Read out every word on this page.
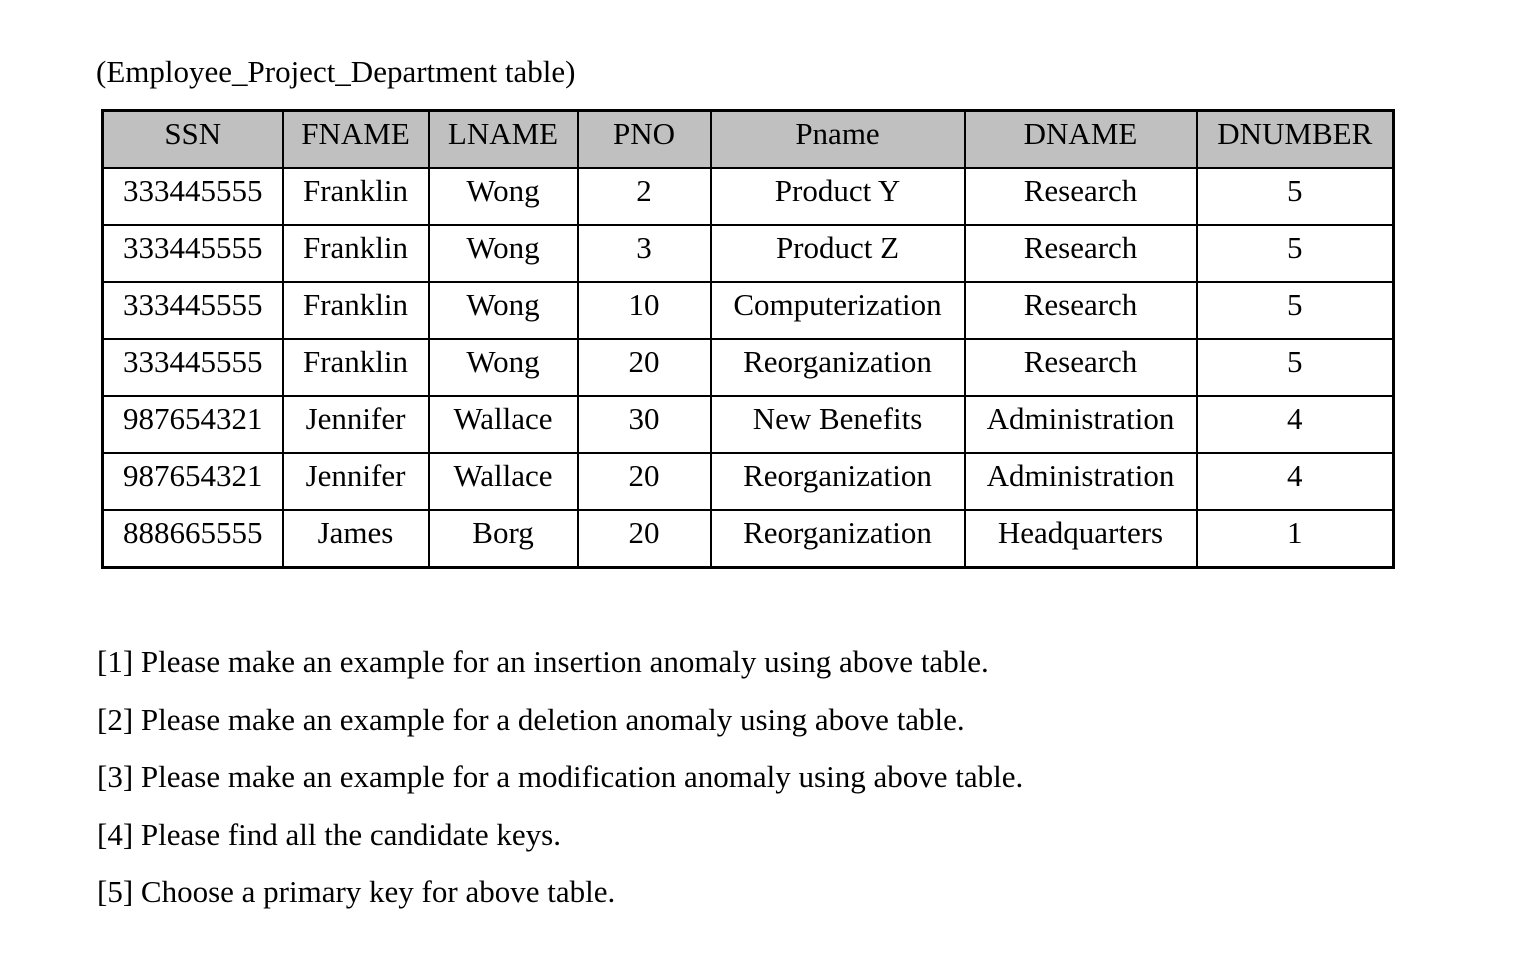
(Employee_Project_Department table)
SSN	FNAME	LNAME	PNO	Pname	DNAME	DNUMBER
333445555	Franklin	Wong	2	Product Y	Research	5
333445555	Franklin	Wong	3	Product Z	Research	5
333445555	Franklin	Wong	10	Computerization	Research	5
333445555	Franklin	Wong	20	Reorganization	Research	5
987654321	Jennifer	Wallace	30	New Benefits	Administration	4
987654321	Jennifer	Wallace	20	Reorganization	Administration	4
888665555	James	Borg	20	Reorganization	Headquarters	1
[1] Please make an example for an insertion anomaly using above table.
[2] Please make an example for a deletion anomaly using above table.
[3] Please make an example for a modification anomaly using above table.
[4] Please find all the candidate keys.
[5] Choose a primary key for above table.
